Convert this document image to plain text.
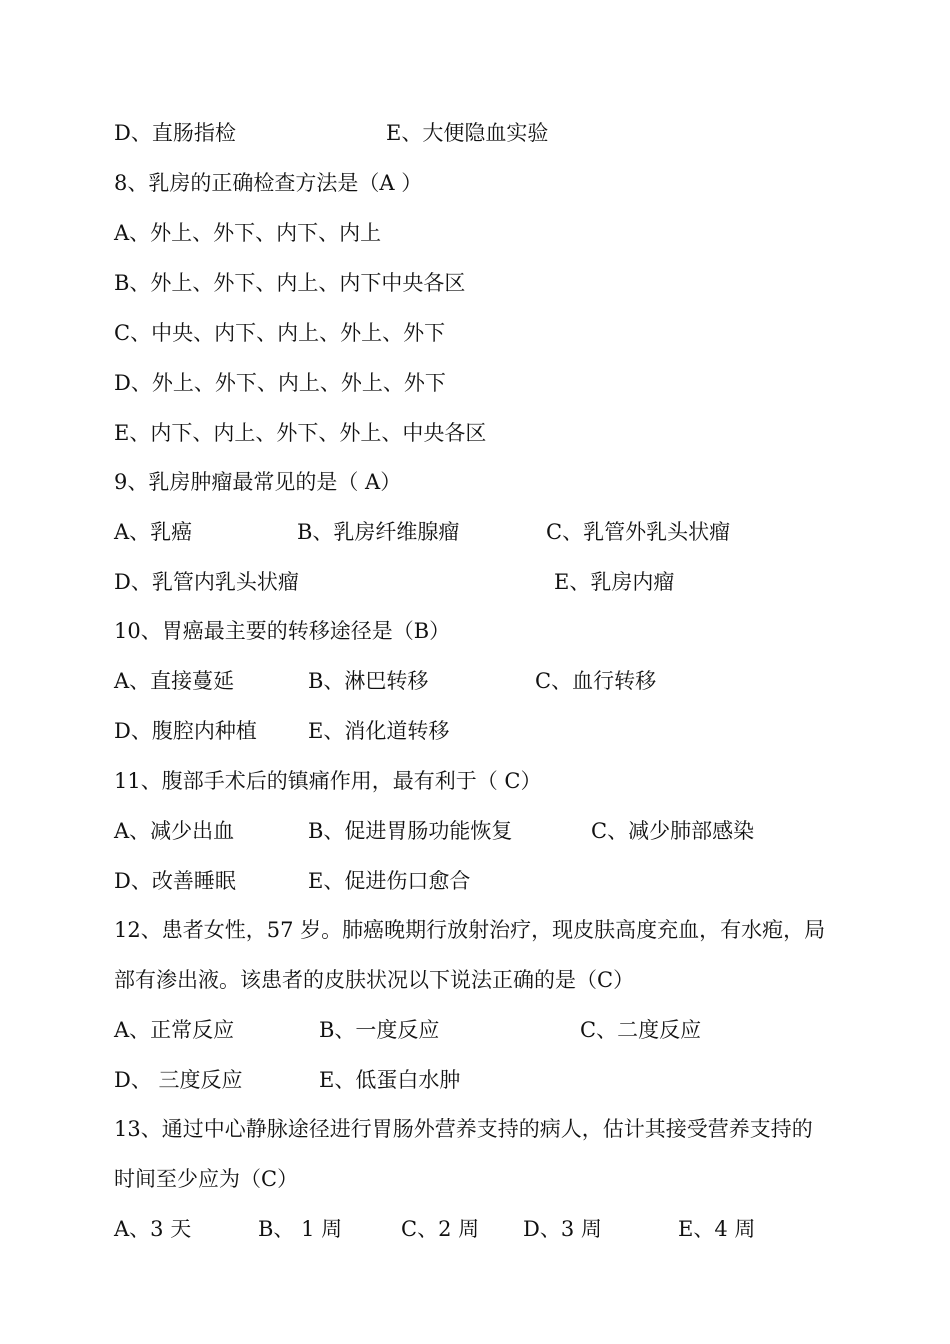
D、直肠指检	E、大便隐血实验
8、乳房的正确检查方法是（A ）
A、外上、外下、内下、内上
B、外上、外下、内上、内下中央各区
C、中央、内下、内上、外上、外下
D、外上、外下、内上、外上、外下
E、内下、内上、外下、外上、中央各区
9、乳房肿瘤最常见的是（ A）
A、乳癌	B、乳房纤维腺瘤	C、乳管外乳头状瘤
D、乳管内乳头状瘤	E、乳房内瘤
10、胃癌最主要的转移途径是（B）
A、直接蔓延	B、淋巴转移	C、血行转移
D、腹腔内种植 E、消化道转移
11、腹部手术后的镇痛作用，最有利于（ C）
A、减少出血	B、促进胃肠功能恢复	C、减少肺部感染
D、改善睡眠	E、促进伤口愈合
12、患者女性，57 岁。肺癌晚期行放射治疗，现皮肤高度充血，有水疱，局
部有渗出液。该患者的皮肤状况以下说法正确的是（C）
A、正常反应	B、一度反应	C、二度反应
D、 三度反应	E、低蛋白水肿
13、通过中心静脉途径进行胃肠外营养支持的病人，估计其接受营养支持的
时间至少应为（C）
A、3 天	B、 1 周	C、2 周 D、3 周	E、4 周
